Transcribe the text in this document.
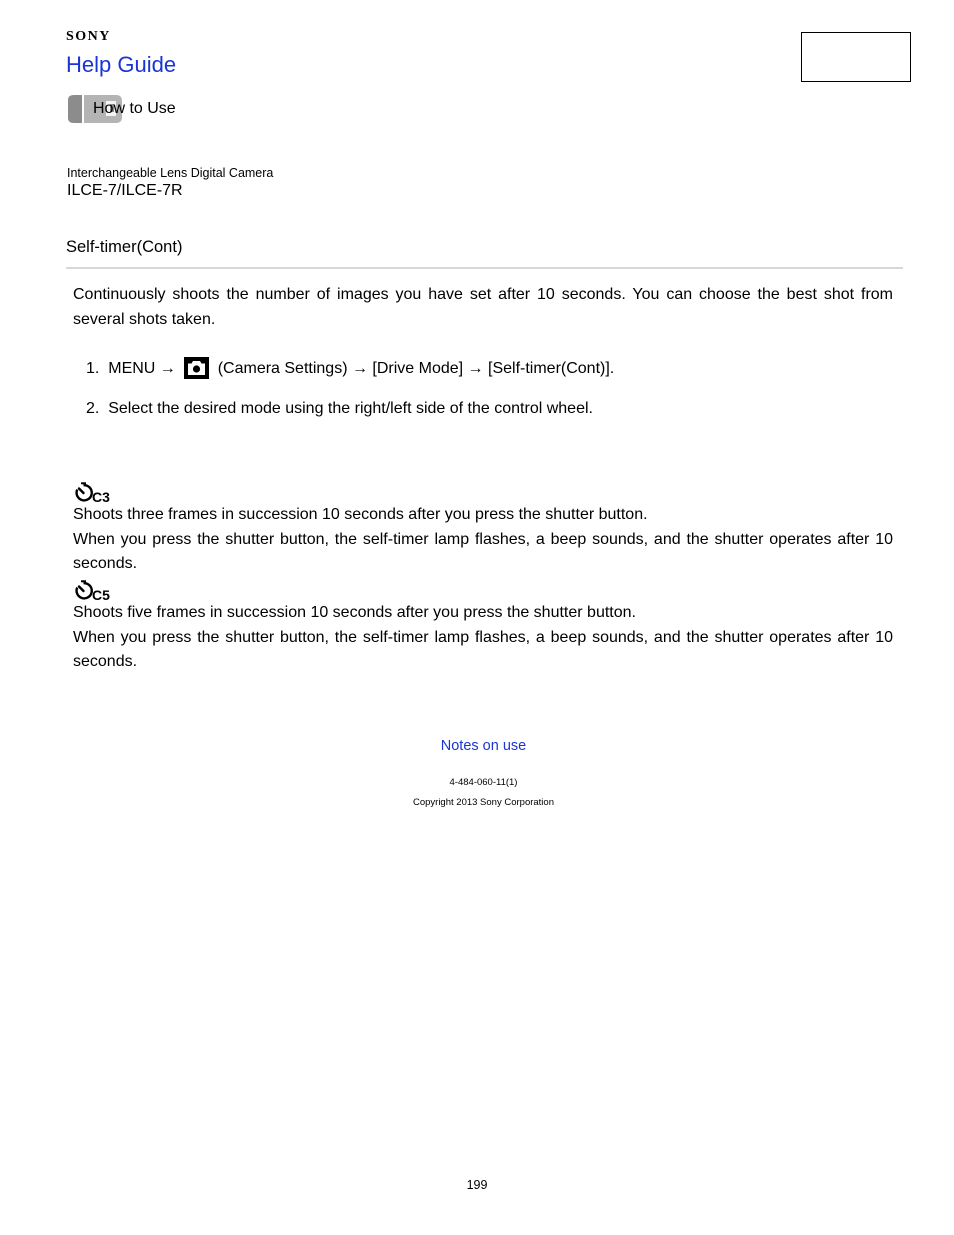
SONY
Help Guide
How to Use
Interchangeable Lens Digital Camera
ILCE-7/ILCE-7R
Self-timer(Cont)
Continuously shoots the number of images you have set after 10 seconds. You can choose the best shot from several shots taken.
1. MENU →	(Camera Settings) → [Drive Mode] → [Self-timer(Cont)].
2. Select the desired mode using the right/left side of the control wheel.
C3
Shoots three frames in succession 10 seconds after you press the shutter button.
When you press the shutter button, the self-timer lamp flashes, a beep sounds, and the shutter operates after 10 seconds.
C5
Shoots five frames in succession 10 seconds after you press the shutter button.
When you press the shutter button, the self-timer lamp flashes, a beep sounds, and the shutter operates after 10 seconds.
Notes on use
4-484-060-11(1)
Copyright 2013 Sony Corporation
199
